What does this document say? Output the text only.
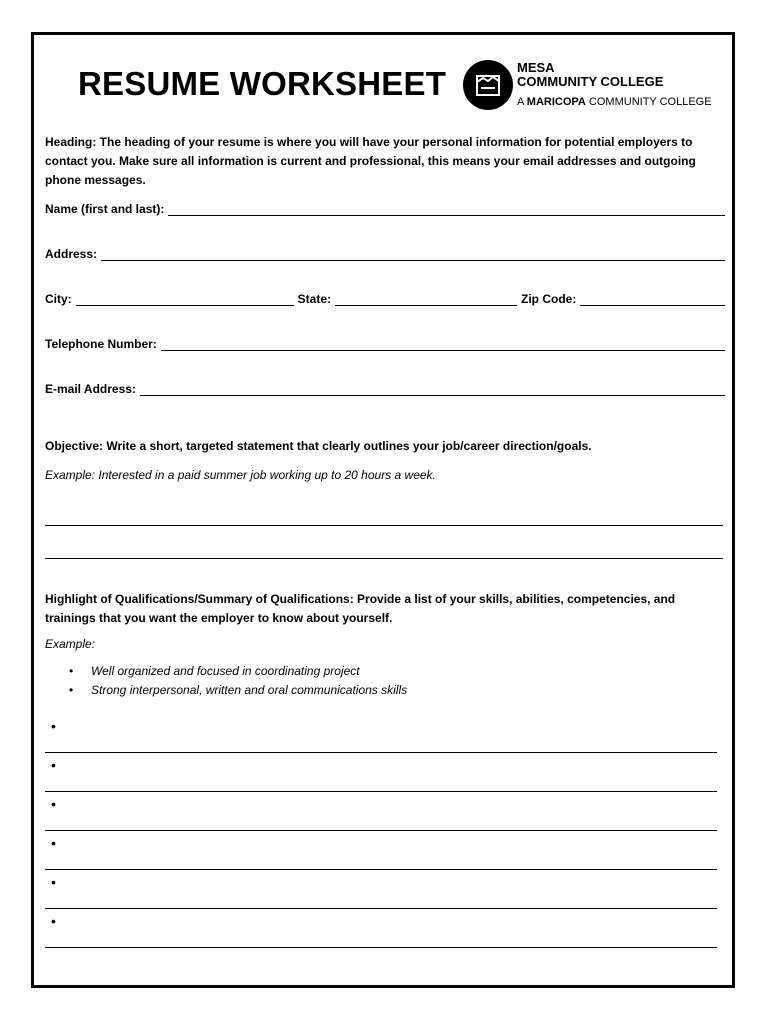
RESUME WORKSHEET	MESA
COMMUNITY COLLEGE
A MARICOPA COMMUNITY COLLEGE
Heading: The heading of your resume is where you will have your personal information for potential employers to contact you. Make sure all information is current and professional, this means your email addresses and outgoing phone messages.
Name (first and last):
Address:
City:	State:	Zip Code:
Telephone Number:
E-mail Address:
Objective: Write a short, targeted statement that clearly outlines your job/career direction/goals.
Example: Interested in a paid summer job working up to 20 hours a week.
Highlight of Qualifications/Summary of Qualifications: Provide a list of your skills, abilities, competencies, and trainings that you want the employer to know about yourself.
Example:
• Well organized and focused in coordinating project
• Strong interpersonal, written and oral communications skills
•
•
•
•
•
•
